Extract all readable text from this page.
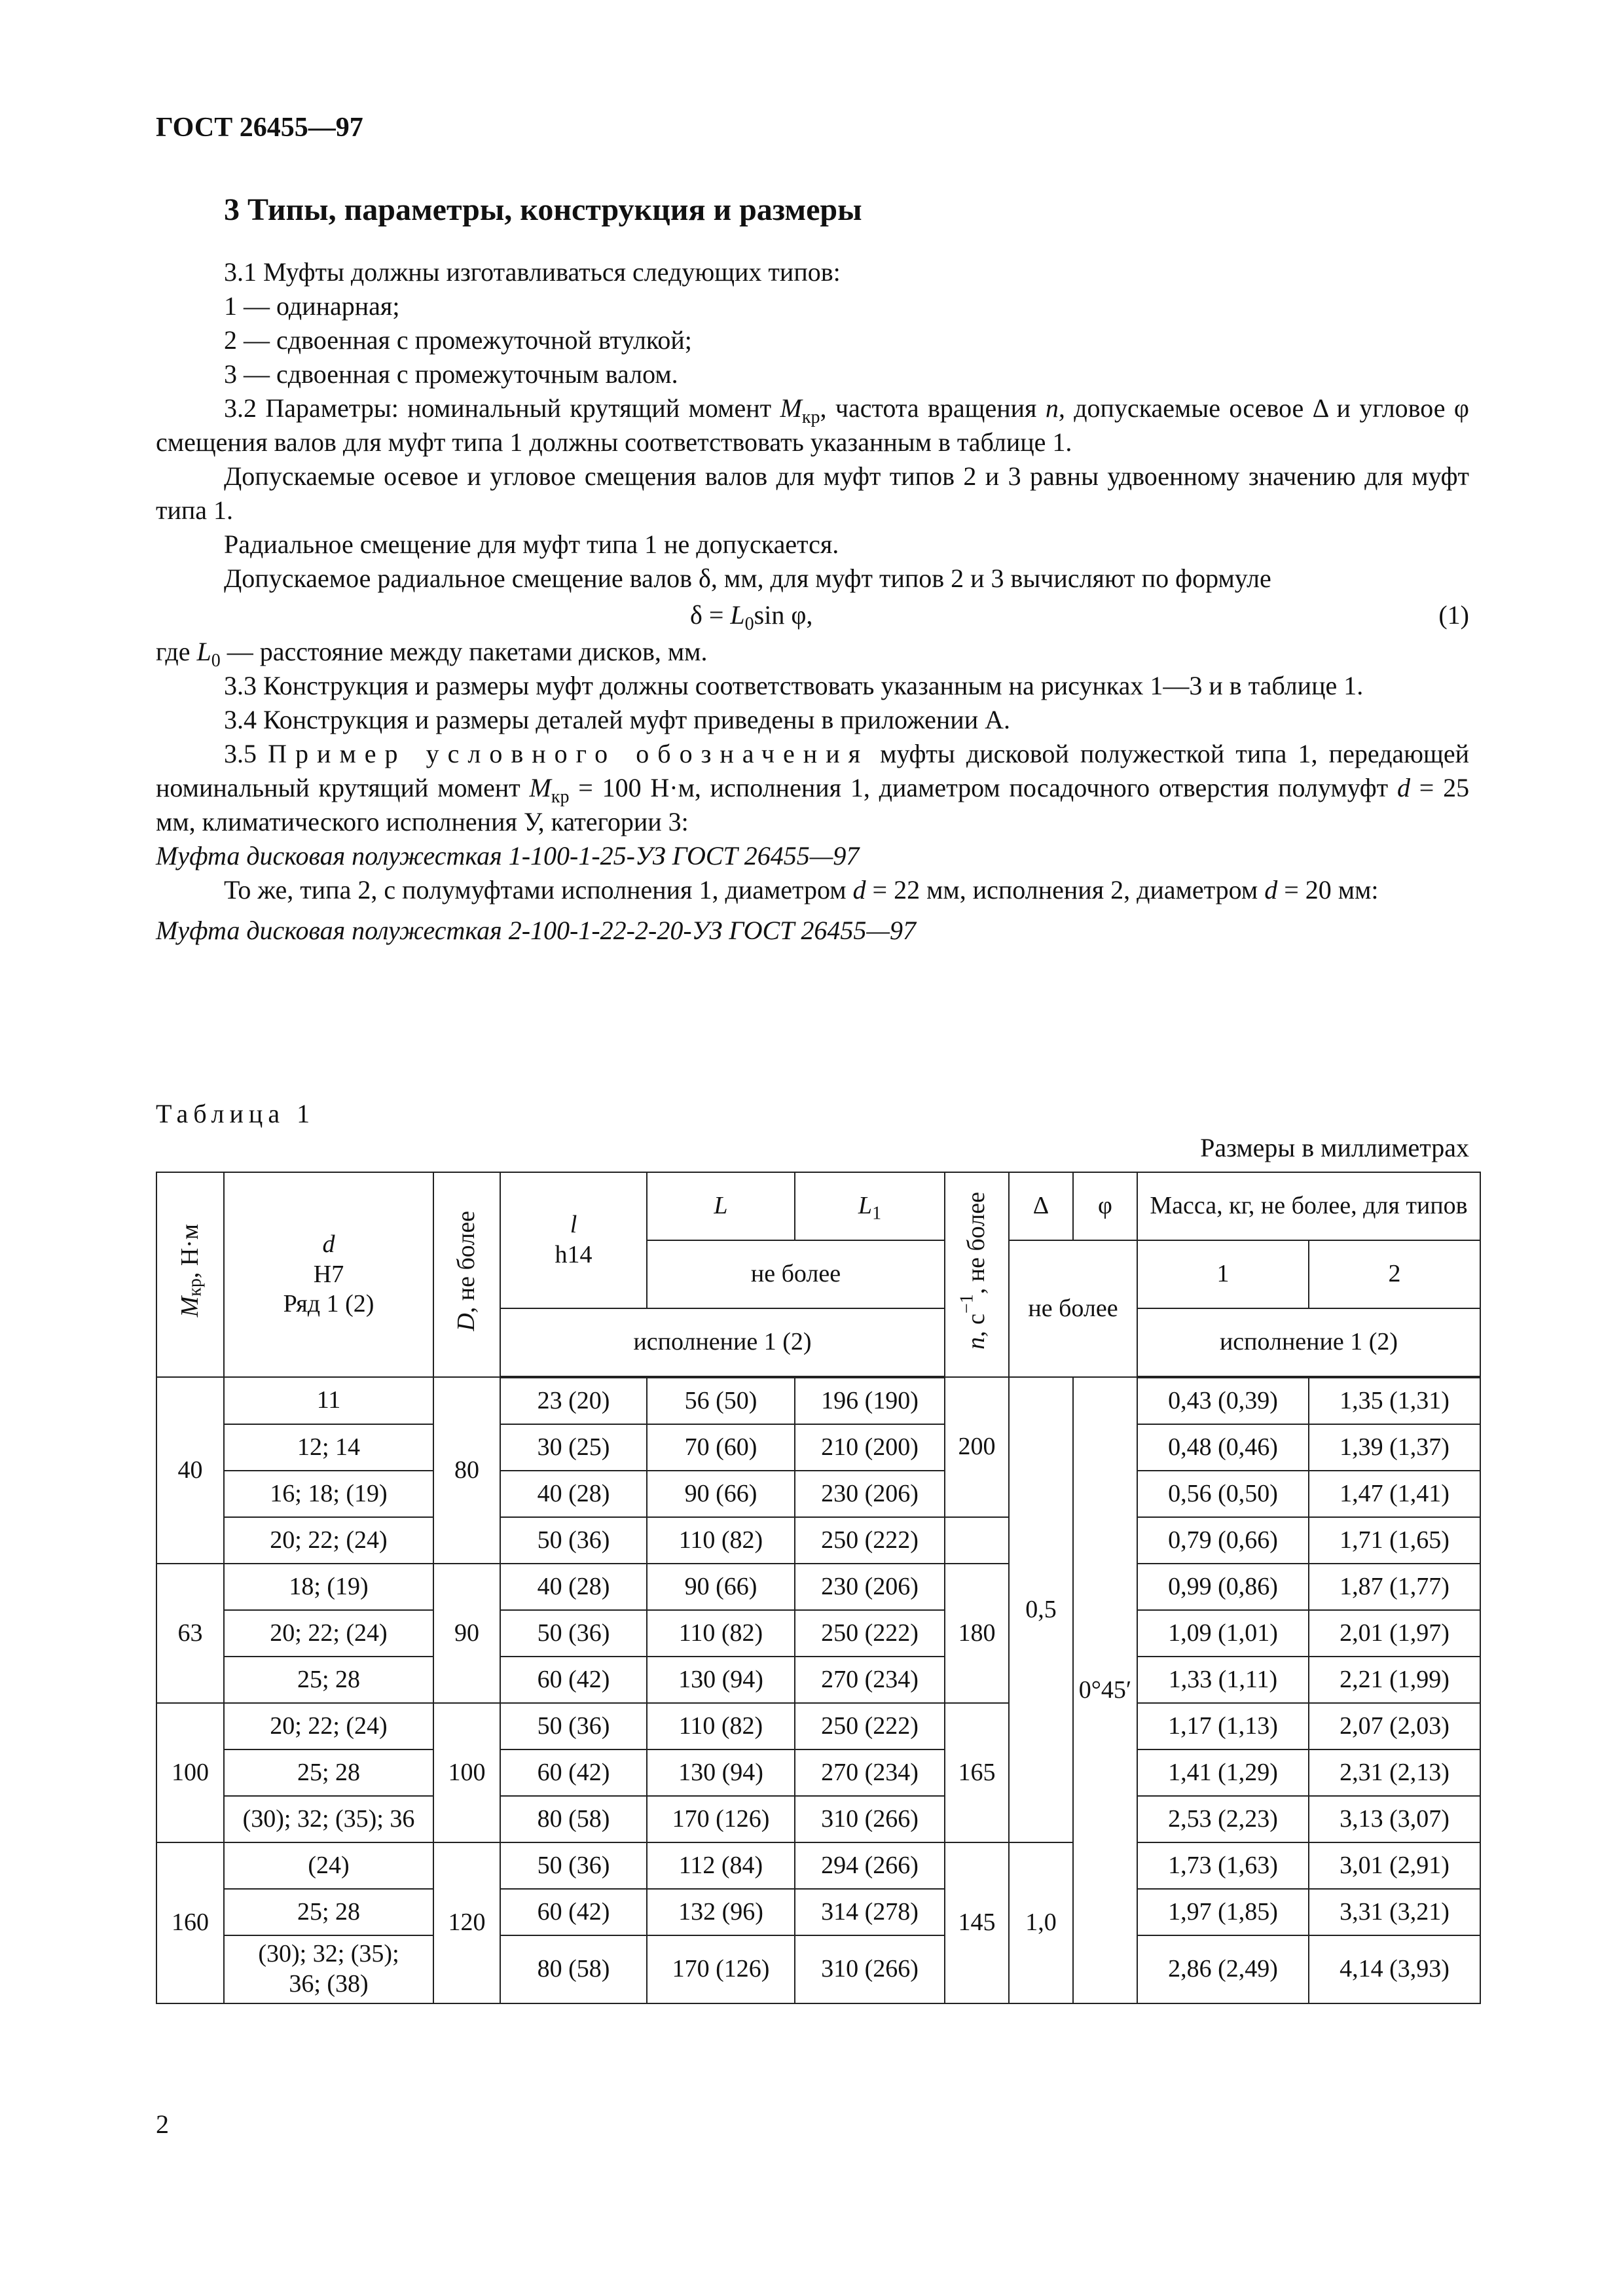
ГОСТ 26455—97
3 Типы, параметры, конструкция и размеры

3.1 Муфты должны изготавливаться следующих типов:

1 — одинарная;

2 — сдвоенная с промежуточной втулкой;

3 — сдвоенная с промежуточным валом.

3.2 Параметры: номинальный крутящий момент $M_{кр}$, частота вращения n, допускаемые осевое Δ и угловое φ смещения валов для муфт типа 1 должны соответствовать указанным в таблице 1.

Допускаемые осевое и угловое смещения валов для муфт типов 2 и 3 равны удвоенному значению для муфт типа 1.

Радиальное смещение для муфт типа 1 не допускается.

Допускаемое радиальное смещение валов δ, мм, для муфт типов 2 и 3 вычисляют по формуле

$\delta = L_0\sin$ φ,	(1)

где $L_0$ — расстояние между пакетами дисков, мм.

3.3 Конструкция и размеры муфт должны соответствовать указанным на рисунках 1—3 и в таблице 1.

3.4 Конструкция и размеры деталей муфт приведены в приложении А.

3.5 Пример условного обозначения муфты дисковой полужесткой типа 1, передающей номинальный крутящий момент $M_{кр} = 100$ Н·м, исполнения 1, диаметром посадочного отверстия полумуфт d = 25 мм, климатического исполнения У, категории 3:

Муфта дисковая полужесткая 1-100-1-25-УЗ ГОСТ 26455—97

То же, типа 2, с полумуфтами исполнения 1, диаметром d = 22 мм, исполнения 2, диаметром d = 20 мм:

Муфта дисковая полужесткая 2-100-1-22-2-20-УЗ ГОСТ 26455—97

Таблица 1
Размеры в миллиметрах
$M_{кр}$, Н·м	d
H7
Ряд 1 (2)	D, не более	l
h14	L	$L_1$	n, $с^{-1}$, не более	Δ	φ	Масса, кг, не более, для типов	
				не более			не более		1	2
			исполнение 1 (2)						исполнение 1 (2)	
40	11	80	23 (20)	56 (50)	196 (190)	200	0,5	0°45′	0,43 (0,39)	1,35 (1,31)
	12; 14		30 (25)	70 (60)	210 (200)				0,48 (0,46)	1,39 (1,37)
	16; 18; (19)		40 (28)	90 (66)	230 (206)				0,56 (0,50)	1,47 (1,41)
	20; 22; (24)		50 (36)	110 (82)	250 (222)				0,79 (0,66)	1,71 (1,65)
63	18; (19)	90	40 (28)	90 (66)	230 (206)	180			0,99 (0,86)	1,87 (1,77)
	20; 22; (24)		50 (36)	110 (82)	250 (222)				1,09 (1,01)	2,01 (1,97)
	25; 28		60 (42)	130 (94)	270 (234)				1,33 (1,11)	2,21 (1,99)
100	20; 22; (24)	100	50 (36)	110 (82)	250 (222)	165			1,17 (1,13)	2,07 (2,03)
	25; 28		60 (42)	130 (94)	270 (234)				1,41 (1,29)	2,31 (2,13)
	(30); 32; (35); 36		80 (58)	170 (126)	310 (266)				2,53 (2,23)	3,13 (3,07)
160	(24)	120	50 (36)	112 (84)	294 (266)	145	1,0		1,73 (1,63)	3,01 (2,91)
	25; 28		60 (42)	132 (96)	314 (278)				1,97 (1,85)	3,31 (3,21)
	(30); 32; (35);
36; (38)		80 (58)	170 (126)	310 (266)				2,86 (2,49)	4,14 (3,93)
2
